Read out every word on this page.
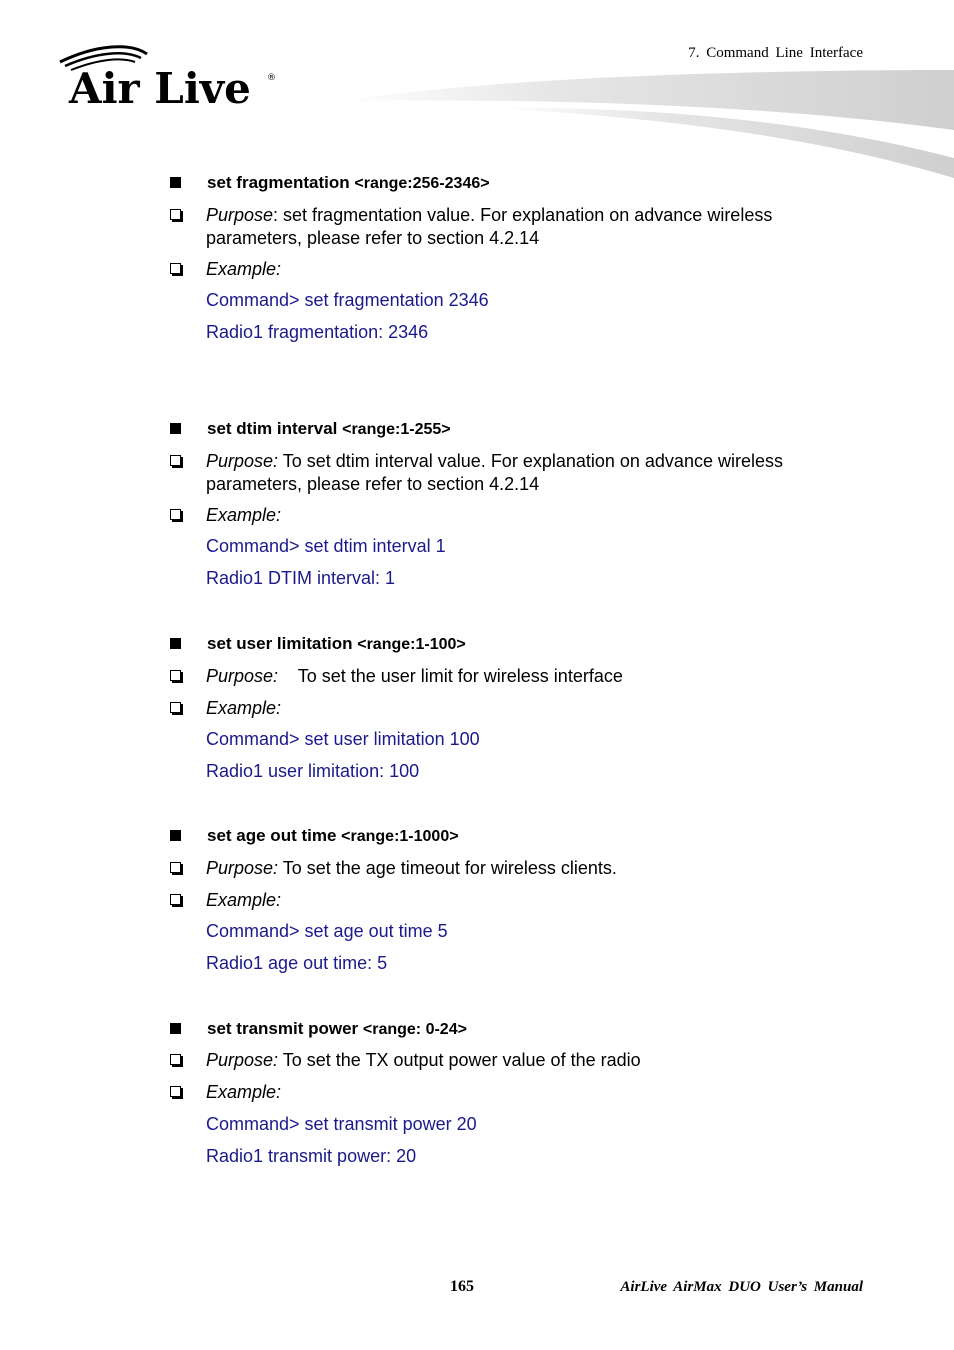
7. Command Line Interface
Air Live ®
set fragmentation <range:256-2346>
Purpose: set fragmentation value. For explanation on advance wireless parameters, please refer to section 4.2.14
Example:
Command> set fragmentation 2346
Radio1 fragmentation: 2346
set dtim interval <range:1-255>
Purpose: To set dtim interval value. For explanation on advance wireless parameters, please refer to section 4.2.14
Example:
Command> set dtim interval 1
Radio1 DTIM interval: 1
set user limitation <range:1-100>
Purpose:    To set the user limit for wireless interface
Example:
Command> set user limitation 100
Radio1 user limitation: 100
set age out time <range:1-1000>
Purpose: To set the age timeout for wireless clients.
Example:
Command> set age out time 5
Radio1 age out time: 5
set transmit power <range: 0-24>
Purpose: To set the TX output power value of the radio
Example:
Command> set transmit power 20
Radio1 transmit power: 20
165	AirLive AirMax DUO User’s Manual
